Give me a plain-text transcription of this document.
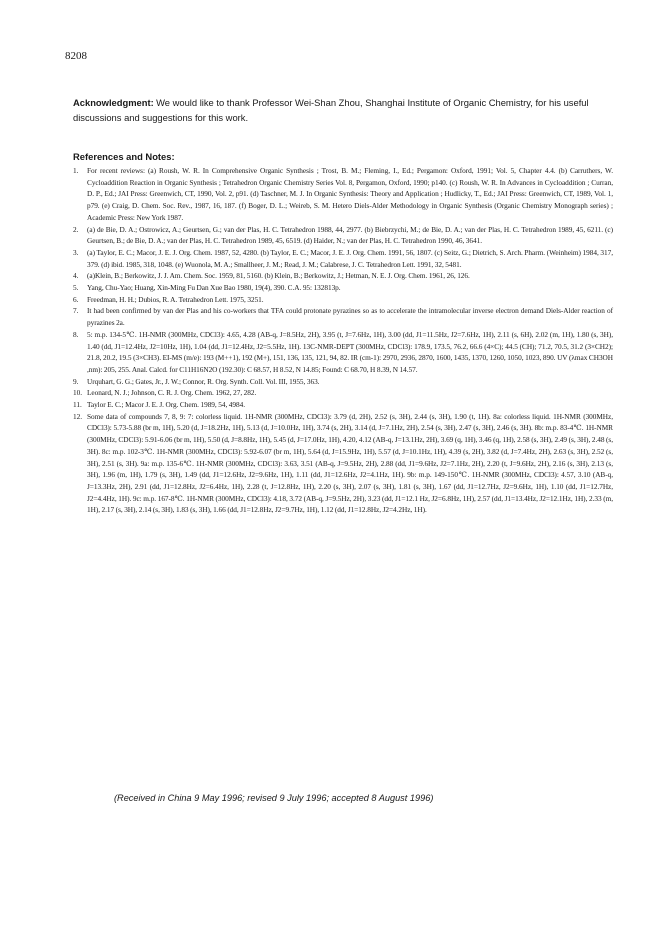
8208
Acknowledgment: We would like to thank Professor Wei-Shan Zhou, Shanghai Institute of Organic Chemistry, for his useful discussions and suggestions for this work.
References and Notes:
1.	For recent reviews: (a) Roush, W. R. In Comprehensive Organic Synthesis ; Trost, B. M.; Fleming, I., Ed.; Pergamon: Oxford, 1991; Vol. 5, Chapter 4.4. (b) Carruthers, W. Cycloaddition Reaction in Organic Synthesis ; Tetrahedron Organic Chemistry Series Vol. 8, Pergamon, Oxford, 1990; p140. (c) Roush, W. R. In Advances in Cycloaddition ; Curran, D. P., Ed.; JAI Press: Greenwich, CT, 1990, Vol. 2, p91. (d) Taschner, M. J. In Organic Synthesis: Theory and Application ; Hudlicky, T., Ed.; JAI Press: Greenwich, CT, 1989, Vol. 1, p79. (e) Craig, D. Chem. Soc. Rev., 1987, 16, 187. (f) Boger, D. L.; Weireb, S. M. Hetero Diels-Alder Methodology in Organic Synthesis (Organic Chemistry Monograph series) ; Academic Press: New York 1987.
2.	(a) de Bie, D. A.; Ostrowicz, A.; Geurtsen, G.; van der Plas, H. C. Tetrahedron 1988, 44, 2977. (b) Biebrzychi, M.; de Bie, D. A.; van der Plas, H. C. Tetrahedron 1989, 45, 6211. (c) Geurtsen, B.; de Bie, D. A.; van der Plas, H. C. Tetrahedron 1989, 45, 6519. (d) Haider, N.; van der Plas, H. C. Tetrahedron 1990, 46, 3641.
3.	(a) Taylor, E. C.; Macor, J. E. J. Org. Chem. 1987, 52, 4280. (b) Taylor, E. C.; Macor, J. E. J. Org. Chem. 1991, 56, 1807. (c) Seitz, G.; Dietrich, S. Arch. Pharm. (Weinheim) 1984, 317, 379. (d) ibid. 1985, 318, 1048. (e) Wuonola, M. A.; Smallheer, J. M.; Read, J. M.; Calabrese, J. C. Tetrahedron Lett. 1991, 32, 5481.
4.	(a)Klein, B.; Berkowitz, J. J. Am. Chem. Soc. 1959, 81, 5160. (b) Klein, B.; Berkowitz, J.; Hetman, N. E. J. Org. Chem. 1961, 26, 126.
5.	Yang, Chu-Yao; Huang, Xin-Ming Fu Dan Xue Bao 1980, 19(4), 390. C.A. 95: 132813p.
6.	Freedman, H. H.; Dubios, R. A. Tetrahedron Lett. 1975, 3251.
7.	It had been confirmed by van der Plas and his co-workers that TFA could protonate pyrazines so as to accelerate the intramolecular inverse electron demand Diels-Alder reaction of pyrazines 2a.
8.	5: m.p. 134-5℃. 1H-NMR (300MHz, CDCl3): 4.65, 4.28 (AB-q, J=8.5Hz, 2H), 3.95 (t, J=7.6Hz, 1H), 3.00 (dd, J1=11.5Hz, J2=7.6Hz, 1H), 2.11 (s, 6H), 2.02 (m, 1H), 1.80 (s, 3H), 1.40 (dd, J1=12.4Hz, J2=10Hz, 1H), 1.04 (dd, J1=12.4Hz, J2=5.5Hz, 1H). 13C-NMR-DEPT (300MHz, CDCl3): 178.9, 173.5, 76.2, 66.6 (4×C); 44.5 (CH); 71.2, 70.5, 31.2 (3×CH2); 21.8, 20.2, 19.5 (3×CH3). EI-MS (m/e): 193 (M++1), 192 (M+), 151, 136, 135, 121, 94, 82. IR (cm-1): 2970, 2936, 2870, 1600, 1435, 1370, 1260, 1050, 1023, 890. UV (λmax CH3OH ,nm): 205, 255. Anal. Calcd. for C11H16N2O (192.30): C 68.57, H 8.52, N 14.85; Found: C 68.70, H 8.39, N 14.57.
9.	Urquhart, G. G.; Gates, Jr., J. W.; Connor, R. Org. Synth. Coll. Vol. III, 1955, 363.
10. Leonard, N. J.; Johnson, C. R. J. Org. Chem. 1962, 27, 282.
11. Taylor E. C.; Macor J. E. J. Org. Chem. 1989, 54, 4984.
12. Some data of compounds 7, 8, 9: 7: colorless liquid. 1H-NMR (300MHz, CDCl3): 3.79 (d, 2H), 2.52 (s, 3H), 2.44 (s, 3H), 1.90 (t, 1H). 8a: colorless liquid. 1H-NMR (300MHz, CDCl3): 5.73-5.88 (br m, 1H), 5.20 (d, J=18.2Hz, 1H), 5.13 (d, J=10.0Hz, 1H), 3.74 (s, 2H), 3.14 (d, J=7.1Hz, 2H), 2.54 (s, 3H), 2.47 (s, 3H), 2.46 (s, 3H). 8b: m.p. 83-4℃. 1H-NMR (300MHz, CDCl3): 5.91-6.06 (br m, 1H), 5.50 (d, J=8.8Hz, 1H), 5.45 (d, J=17.0Hz, 1H), 4.20, 4.12 (AB-q, J=13.1Hz, 2H), 3.69 (q, 1H), 3.46 (q, 1H), 2.58 (s, 3H), 2.49 (s, 3H), 2.48 (s, 3H). 8c: m.p. 102-3℃. 1H-NMR (300MHz, CDCl3): 5.92-6.07 (br m, 1H), 5.64 (d, J=15.9Hz, 1H), 5.57 (d, J=10.1Hz, 1H), 4.39 (s, 2H), 3.82 (d, J=7.4Hz, 2H), 2.63 (s, 3H), 2.52 (s, 3H), 2.51 (s, 3H). 9a: m.p. 135-6℃. 1H-NMR (300MHz, CDCl3): 3.63, 3.51 (AB-q, J=9.5Hz, 2H), 2.88 (dd, J1=9.6Hz, J2=7.1Hz, 2H), 2.20 (t, J=9.6Hz, 2H), 2.16 (s, 3H), 2.13 (s, 3H), 1.96 (m, 1H), 1.79 (s, 3H), 1.49 (dd, J1=12.6Hz, J2=9.6Hz, 1H), 1.11 (dd, J1=12.6Hz, J2=4.1Hz, 1H). 9b: m.p. 149-150℃. 1H-NMR (300MHz, CDCl3): 4.57, 3.10 (AB-q, J=13.3Hz, 2H), 2.91 (dd, J1=12.8Hz, J2=6.4Hz, 1H), 2.28 (t, J=12.8Hz, 1H), 2.20 (s, 3H), 2.07 (s, 3H), 1.81 (s, 3H), 1.67 (dd, J1=12.7Hz, J2=9.6Hz, 1H), 1.10 (dd, J1=12.7Hz, J2=4.4Hz, 1H). 9c: m.p. 167-8℃. 1H-NMR (300MHz, CDCl3): 4.18, 3.72 (AB-q, J=9.5Hz, 2H), 3.23 (dd, J1=12.1 Hz, J2=6.8Hz, 1H), 2.57 (dd, J1=13.4Hz, J2=12.1Hz, 1H), 2.33 (m, 1H), 2.17 (s, 3H), 2.14 (s, 3H), 1.83 (s, 3H), 1.66 (dd, J1=12.8Hz, J2=9.7Hz, 1H), 1.12 (dd, J1=12.8Hz, J2=4.2Hz, 1H).
(Received in China 9 May 1996; revised 9 July 1996; accepted 8 August 1996)
